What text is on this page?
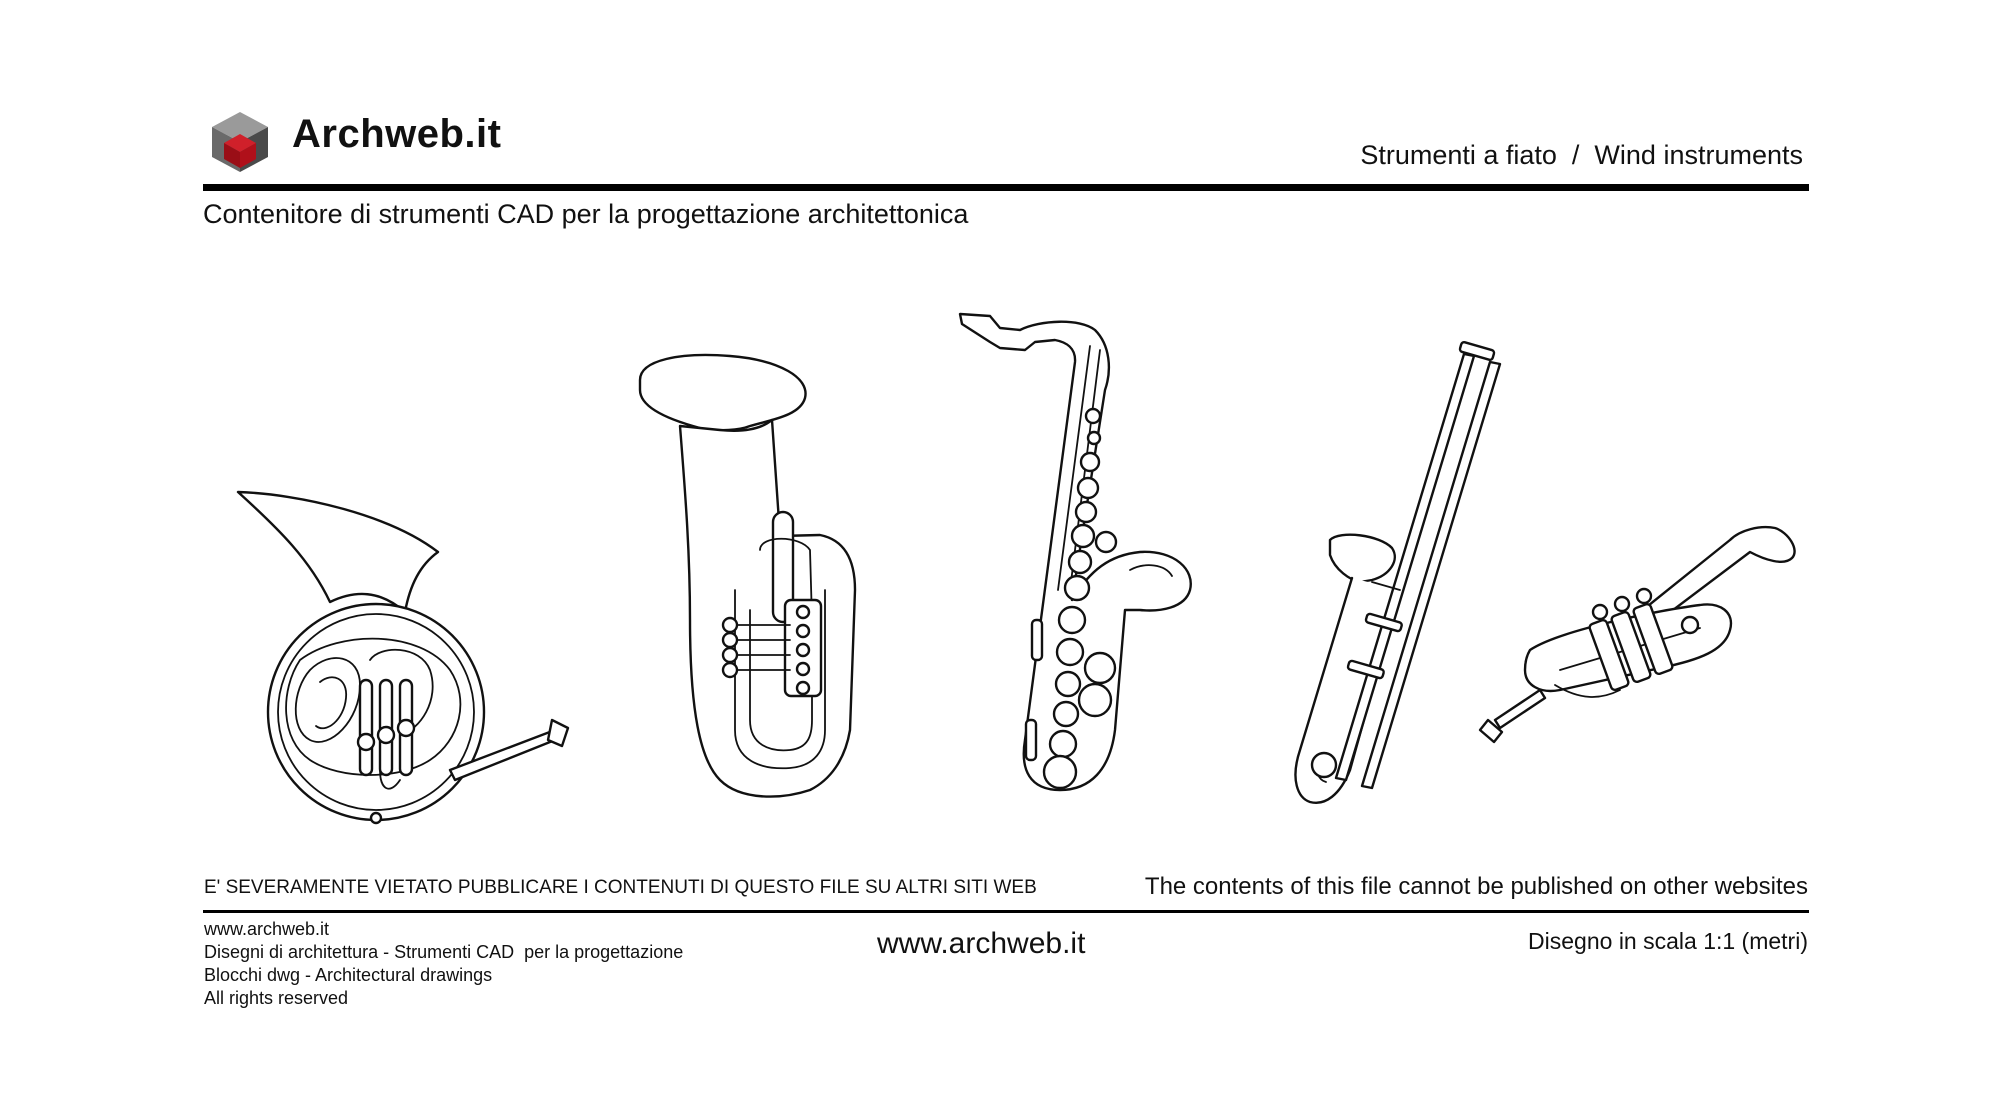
Archweb.it	Strumenti a fiato  /  Wind instruments
Contenitore di strumenti CAD per la progettazione architettonica
E' SEVERAMENTE VIETATO PUBBLICARE I CONTENUTI DI QUESTO FILE SU ALTRI SITI WEB	The contents of this file cannot be published on other websites
www.archweb.it
Disegni di architettura - Strumenti CAD  per la progettazione
Blocchi dwg - Architectural drawings
All rights reserved
www.archweb.it	Disegno in scala 1:1 (metri)
